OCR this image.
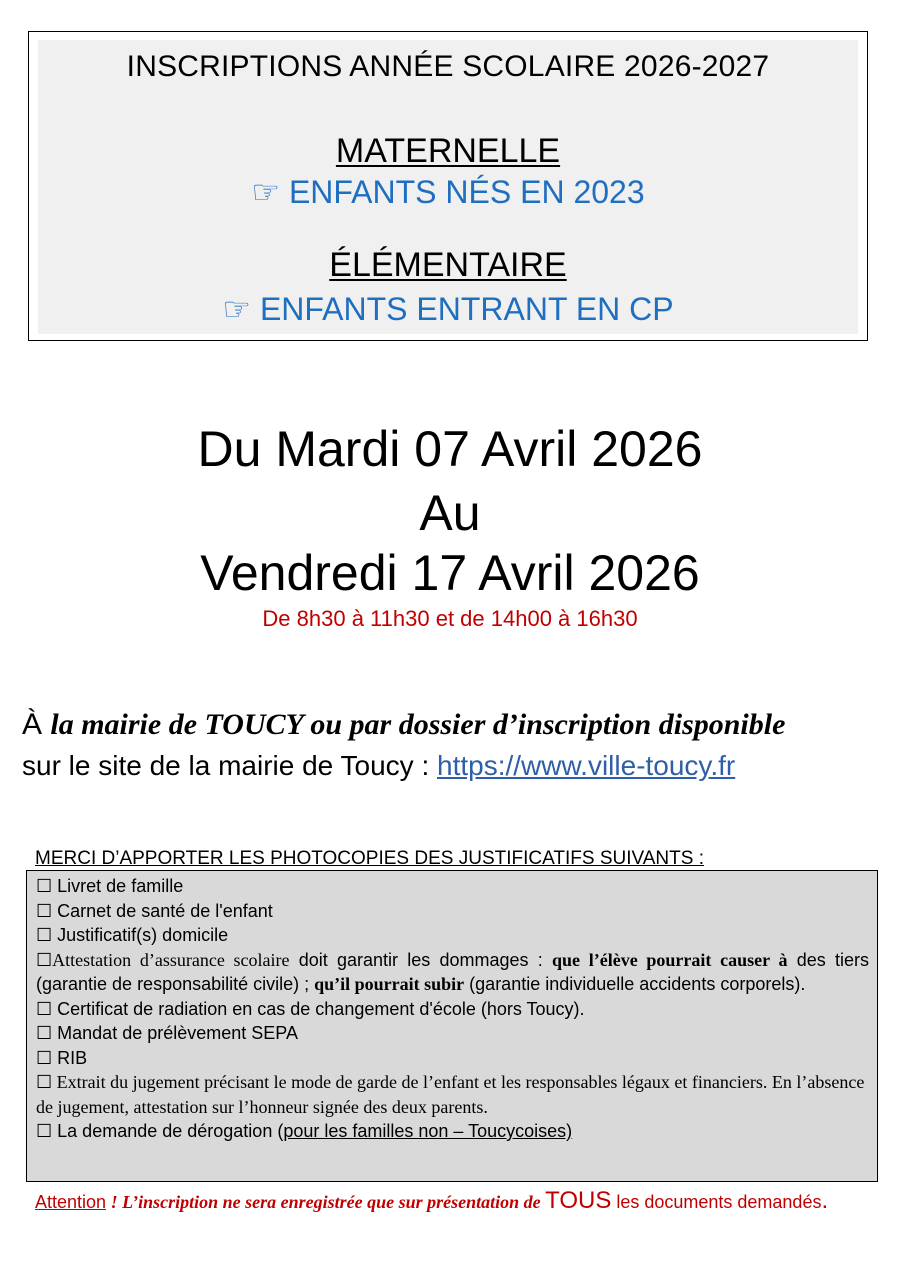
INSCRIPTIONS ANNÉE SCOLAIRE 2026-2027
MATERNELLE
☞ ENFANTS NÉS EN 2023
ÉLÉMENTAIRE
☞ ENFANTS ENTRANT EN CP
Du Mardi 07 Avril 2026
Au
Vendredi 17 Avril 2026
De 8h30 à 11h30 et de 14h00 à 16h30
À la mairie de TOUCY ou par dossier d’inscription disponible
sur le site de la mairie de Toucy : https://www.ville-toucy.fr
MERCI D’APPORTER LES PHOTOCOPIES DES JUSTIFICATIFS SUIVANTS :
☐ Livret de famille
☐ Carnet de santé de l'enfant
☐ Justificatif(s) domicile
☐Attestation d’assurance scolaire doit garantir les dommages : que l’élève pourrait causer à des tiers (garantie de responsabilité civile) ; qu’il pourrait subir (garantie individuelle accidents corporels).
☐ Certificat de radiation en cas de changement d'école (hors Toucy).
☐ Mandat de prélèvement SEPA
☐ RIB
☐ Extrait du jugement précisant le mode de garde de l’enfant et les responsables légaux et financiers. En l’absence de jugement, attestation sur l’honneur signée des deux parents.
☐ La demande de dérogation (pour les familles non – Toucycoises)
Attention ! L’inscription ne sera enregistrée que sur présentation de TOUS les documents demandés.
